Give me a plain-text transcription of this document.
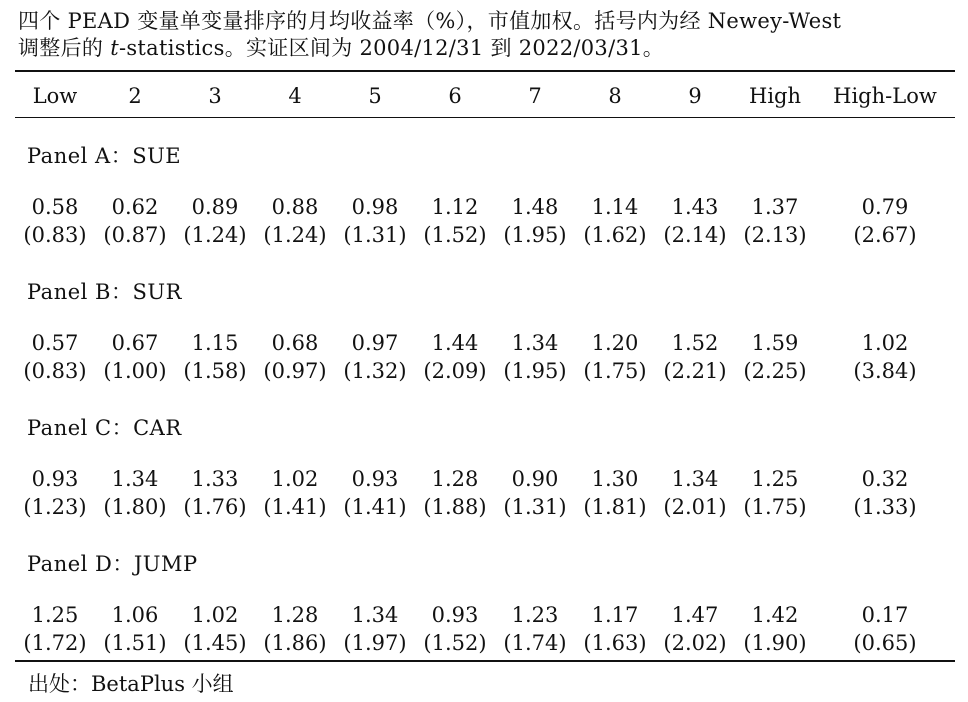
四个 PEAD 变量单变量排序的月均收益率（%），市值加权。括号内为经 Newey-West
调整后的 t-statistics。实证区间为 2004/12/31 到 2022/03/31。
Low	2	3	4	5	6	7	8	9	High	High-Low
Panel A：SUE
0.58	0.62	0.89	0.88	0.98	1.12	1.48	1.14	1.43	1.37	0.79
(0.83)	(0.87)	(1.24)	(1.24)	(1.31)	(1.52)	(1.95)	(1.62)	(2.14)	(2.13)	(2.67)
Panel B：SUR
0.57	0.67	1.15	0.68	0.97	1.44	1.34	1.20	1.52	1.59	1.02
(0.83)	(1.00)	(1.58)	(0.97)	(1.32)	(2.09)	(1.95)	(1.75)	(2.21)	(2.25)	(3.84)
Panel C：CAR
0.93	1.34	1.33	1.02	0.93	1.28	0.90	1.30	1.34	1.25	0.32
(1.23)	(1.80)	(1.76)	(1.41)	(1.41)	(1.88)	(1.31)	(1.81)	(2.01)	(1.75)	(1.33)
Panel D：JUMP
1.25	1.06	1.02	1.28	1.34	0.93	1.23	1.17	1.47	1.42	0.17
(1.72)	(1.51)	(1.45)	(1.86)	(1.97)	(1.52)	(1.74)	(1.63)	(2.02)	(1.90)	(0.65)
出处：BetaPlus 小组
